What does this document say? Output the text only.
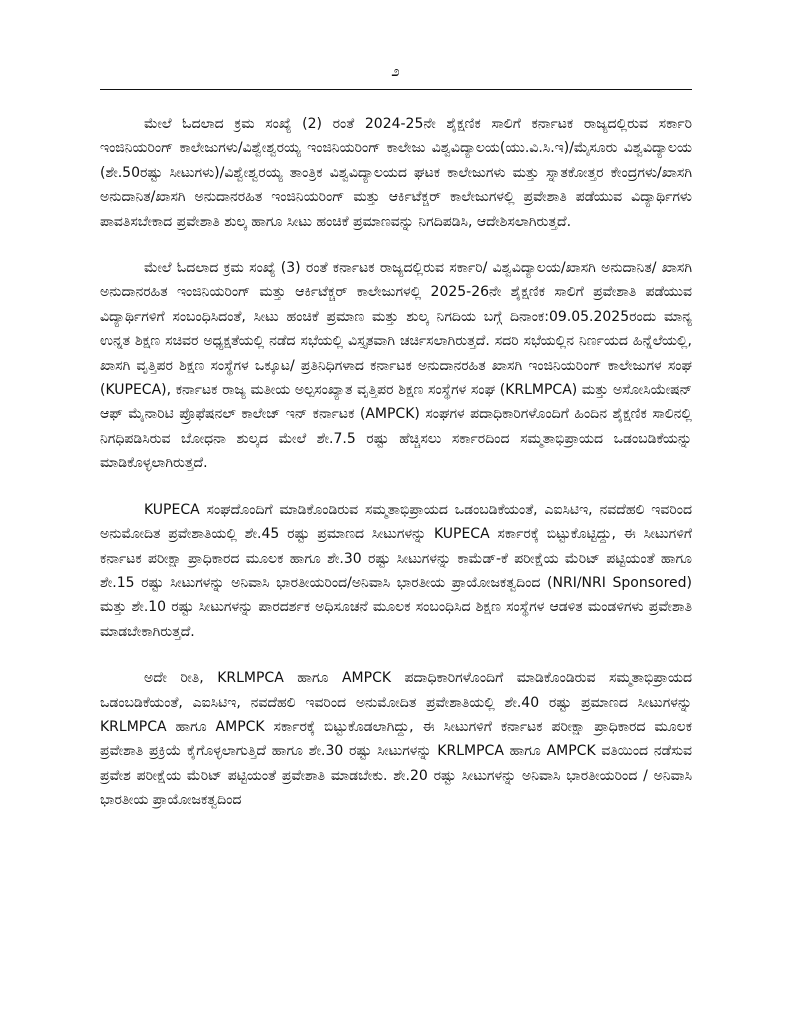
೨

ಮೇಲೆ ಓದಲಾದ ಕ್ರಮ ಸಂಖ್ಯೆ (2) ರಂತೆ 2024-25ನೇ ಶೈಕ್ಷಣಿಕ ಸಾಲಿಗೆ ಕರ್ನಾಟಕ ರಾಜ್ಯದಲ್ಲಿರುವ ಸರ್ಕಾರಿ ಇಂಜಿನಿಯರಿಂಗ್ ಕಾಲೇಜುಗಳು/ವಿಶ್ವೇಶ್ವರಯ್ಯ ಇಂಜಿನಿಯರಿಂಗ್ ಕಾಲೇಜು ವಿಶ್ವವಿದ್ಯಾಲಯ(ಯು.ವಿ.ಸಿ.ಇ)/ಮೈಸೂರು ವಿಶ್ವವಿದ್ಯಾಲಯ (ಶೇ.50ರಷ್ಟು ಸೀಟುಗಳು)/ವಿಶ್ವೇಶ್ವರಯ್ಯ ತಾಂತ್ರಿಕ ವಿಶ್ವವಿದ್ಯಾಲಯದ ಘಟಕ ಕಾಲೇಜುಗಳು ಮತ್ತು ಸ್ನಾತಕೋತ್ತರ ಕೇಂದ್ರಗಳು/ಖಾಸಗಿ ಅನುದಾನಿತ/ಖಾಸಗಿ ಅನುದಾನರಹಿತ ಇಂಜಿನಿಯರಿಂಗ್ ಮತ್ತು ಆರ್ಕಿಟೆಕ್ಚರ್ ಕಾಲೇಜುಗಳಲ್ಲಿ ಪ್ರವೇಶಾತಿ ಪಡೆಯುವ ವಿದ್ಯಾರ್ಥಿಗಳು ಪಾವತಿಸಬೇಕಾದ ಪ್ರವೇಶಾತಿ ಶುಲ್ಕ ಹಾಗೂ ಸೀಟು ಹಂಚಿಕೆ ಪ್ರಮಾಣವನ್ನು ನಿಗದಿಪಡಿಸಿ, ಆದೇಶಿಸಲಾಗಿರುತ್ತದೆ.

ಮೇಲೆ ಓದಲಾದ ಕ್ರಮ ಸಂಖ್ಯೆ (3) ರಂತೆ ಕರ್ನಾಟಕ ರಾಜ್ಯದಲ್ಲಿರುವ ಸರ್ಕಾರಿ/ ವಿಶ್ವವಿದ್ಯಾಲಯ/ಖಾಸಗಿ ಅನುದಾನಿತ/ ಖಾಸಗಿ ಅನುದಾನರಹಿತ ಇಂಜಿನಿಯರಿಂಗ್ ಮತ್ತು ಆರ್ಕಿಟೆಕ್ಚರ್ ಕಾಲೇಜುಗಳಲ್ಲಿ 2025-26ನೇ ಶೈಕ್ಷಣಿಕ ಸಾಲಿಗೆ ಪ್ರವೇಶಾತಿ ಪಡೆಯುವ ವಿದ್ಯಾರ್ಥಿಗಳಿಗೆ ಸಂಬಂಧಿಸಿದಂತೆ, ಸೀಟು ಹಂಚಿಕೆ ಪ್ರಮಾಣ ಮತ್ತು ಶುಲ್ಕ ನಿಗದಿಯ ಬಗ್ಗೆ ದಿನಾಂಕ:09.05.2025ರಂದು ಮಾನ್ಯ ಉನ್ನತ ಶಿಕ್ಷಣ ಸಚಿವರ ಅಧ್ಯಕ್ಷತೆಯಲ್ಲಿ ನಡೆದ ಸಭೆಯಲ್ಲಿ ವಿಸ್ತೃತವಾಗಿ ಚರ್ಚಿಸಲಾಗಿರುತ್ತದೆ. ಸದರಿ ಸಭೆಯಲ್ಲಿನ ನಿರ್ಣಯದ ಹಿನ್ನೆಲೆಯಲ್ಲಿ, ಖಾಸಗಿ ವೃತ್ತಿಪರ ಶಿಕ್ಷಣ ಸಂಸ್ಥೆಗಳ ಒಕ್ಕೂಟ/ ಪ್ರತಿನಿಧಿಗಳಾದ ಕರ್ನಾಟಕ ಅನುದಾನರಹಿತ ಖಾಸಗಿ ಇಂಜಿನಿಯರಿಂಗ್ ಕಾಲೇಜುಗಳ ಸಂಘ (KUPECA), ಕರ್ನಾಟಕ ರಾಜ್ಯ ಮತೀಯ ಅಲ್ಪಸಂಖ್ಯಾತ ವೃತ್ತಿಪರ ಶಿಕ್ಷಣ ಸಂಸ್ಥೆಗಳ ಸಂಘ (KRLMPCA) ಮತ್ತು ಅಸೋಸಿಯೇಷನ್ ಆಫ್ ಮೈನಾರಿಟಿ ಪ್ರೊಫೆಷನಲ್ ಕಾಲೇಜ್ ಇನ್ ಕರ್ನಾಟಕ (AMPCK) ಸಂಘಗಳ ಪದಾಧಿಕಾರಿಗಳೊಂದಿಗೆ ಹಿಂದಿನ ಶೈಕ್ಷಣಿಕ ಸಾಲಿನಲ್ಲಿ ನಿಗಧಿಪಡಿಸಿರುವ ಬೋಧನಾ ಶುಲ್ಕದ ಮೇಲೆ ಶೇ.7.5 ರಷ್ಟು ಹೆಚ್ಚಿಸಲು ಸರ್ಕಾರದಿಂದ ಸಮ್ಮತಾಭಿಪ್ರಾಯದ ಒಡಂಬಡಿಕೆಯನ್ನು ಮಾಡಿಕೊಳ್ಳಲಾಗಿರುತ್ತದೆ.

KUPECA ಸಂಘದೊಂದಿಗೆ ಮಾಡಿಕೊಂಡಿರುವ ಸಮ್ಮತಾಭಿಪ್ರಾಯದ ಒಡಂಬಡಿಕೆಯಂತೆ, ಎಐಸಿಟಿಇ, ನವದೆಹಲಿ ಇವರಿಂದ ಅನುಮೋದಿತ ಪ್ರವೇಶಾತಿಯಲ್ಲಿ ಶೇ.45 ರಷ್ಟು ಪ್ರಮಾಣದ ಸೀಟುಗಳನ್ನು KUPECA ಸರ್ಕಾರಕ್ಕೆ ಬಿಟ್ಟುಕೊಟ್ಟಿದ್ದು, ಈ ಸೀಟುಗಳಿಗೆ ಕರ್ನಾಟಕ ಪರೀಕ್ಷಾ ಪ್ರಾಧಿಕಾರದ ಮೂಲಕ ಹಾಗೂ ಶೇ.30 ರಷ್ಟು ಸೀಟುಗಳನ್ನು ಕಾಮೆಡ್-ಕೆ ಪರೀಕ್ಷೆಯ ಮೆರಿಟ್ ಪಟ್ಟಿಯಂತೆ ಹಾಗೂ ಶೇ.15 ರಷ್ಟು ಸೀಟುಗಳನ್ನು ಅನಿವಾಸಿ ಭಾರತೀಯರಿಂದ/ಅನಿವಾಸಿ ಭಾರತೀಯ ಪ್ರಾಯೋಜಕತ್ವದಿಂದ (NRI/NRI Sponsored) ಮತ್ತು ಶೇ.10 ರಷ್ಟು ಸೀಟುಗಳನ್ನು ಪಾರದರ್ಶಕ ಅಧಿಸೂಚನೆ ಮೂಲಕ ಸಂಬಂಧಿಸಿದ ಶಿಕ್ಷಣ ಸಂಸ್ಥೆಗಳ ಆಡಳಿತ ಮಂಡಳಿಗಳು ಪ್ರವೇಶಾತಿ ಮಾಡಬೇಕಾಗಿರುತ್ತದೆ.

ಅದೇ ರೀತಿ, KRLMPCA ಹಾಗೂ AMPCK ಪದಾಧಿಕಾರಿಗಳೊಂದಿಗೆ ಮಾಡಿಕೊಂಡಿರುವ ಸಮ್ಮತಾಭಿಪ್ರಾಯದ ಒಡಂಬಡಿಕೆಯಂತೆ, ಎಐಸಿಟಿಇ, ನವದೆಹಲಿ ಇವರಿಂದ ಅನುಮೋದಿತ ಪ್ರವೇಶಾತಿಯಲ್ಲಿ ಶೇ.40 ರಷ್ಟು ಪ್ರಮಾಣದ ಸೀಟುಗಳನ್ನು KRLMPCA ಹಾಗೂ AMPCK ಸರ್ಕಾರಕ್ಕೆ ಬಿಟ್ಟುಕೊಡಲಾಗಿದ್ದು, ಈ ಸೀಟುಗಳಿಗೆ ಕರ್ನಾಟಕ ಪರೀಕ್ಷಾ ಪ್ರಾಧಿಕಾರದ ಮೂಲಕ ಪ್ರವೇಶಾತಿ ಪ್ರಕ್ರಿಯೆ ಕೈಗೊಳ್ಳಲಾಗುತ್ತಿದೆ ಹಾಗೂ ಶೇ.30 ರಷ್ಟು ಸೀಟುಗಳನ್ನು KRLMPCA ಹಾಗೂ AMPCK ವತಿಯಿಂದ ನಡೆಸುವ ಪ್ರವೇಶ ಪರೀಕ್ಷೆಯ ಮೆರಿಟ್ ಪಟ್ಟಿಯಂತೆ ಪ್ರವೇಶಾತಿ ಮಾಡಬೇಕು. ಶೇ.20 ರಷ್ಟು ಸೀಟುಗಳನ್ನು ಅನಿವಾಸಿ ಭಾರತೀಯರಿಂದ / ಅನಿವಾಸಿ ಭಾರತೀಯ ಪ್ರಾಯೋಜಕತ್ವದಿಂದ
